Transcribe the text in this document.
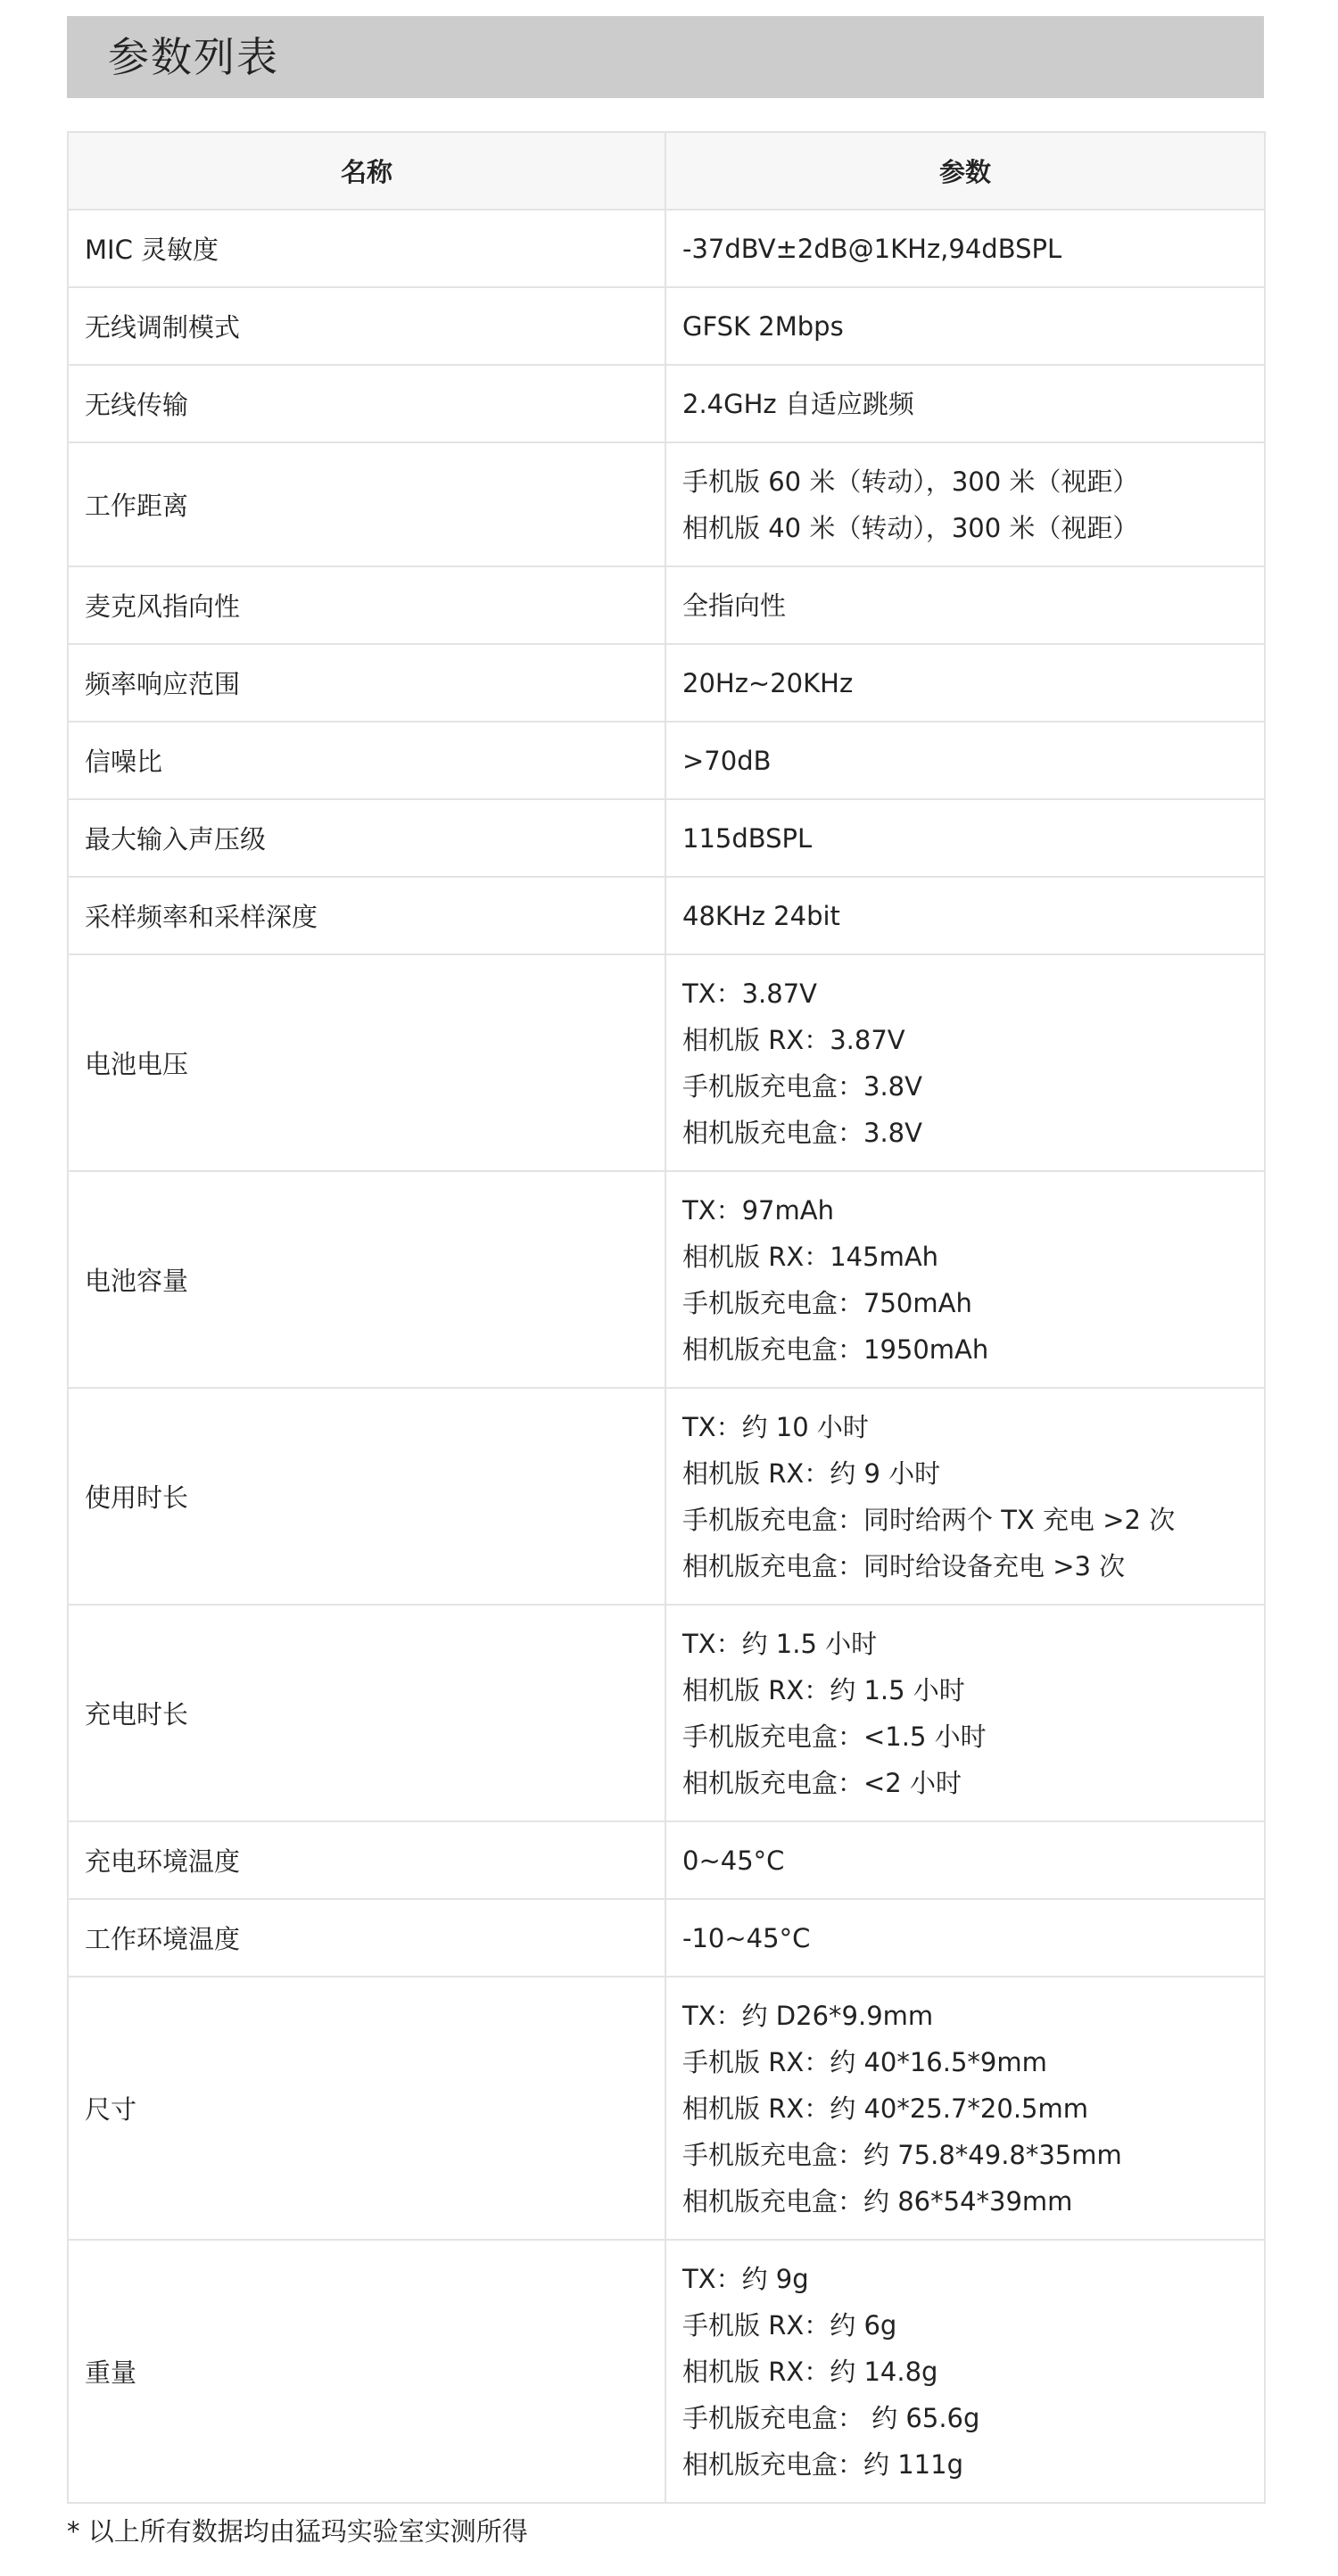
参数列表
名称	参数
MIC 灵敏度	-37dBV±2dB@1KHz,94dBSPL

无线调制模式	GFSK 2Mbps

无线传输	2.4GHz 自适应跳频

工作距离	手机版 60 米（转动），300 米（视距）
相机版 40 米（转动），300 米（视距）

麦克风指向性	全指向性

频率响应范围	20Hz~20KHz

信噪比	>70dB

最大输入声压级	115dBSPL

采样频率和采样深度	48KHz 24bit

电池电压	TX：3.87V
相机版 RX：3.87V
手机版充电盒：3.8V
相机版充电盒：3.8V

电池容量	TX：97mAh
相机版 RX：145mAh
手机版充电盒：750mAh
相机版充电盒：1950mAh

使用时长	TX：约 10 小时
相机版 RX：约 9 小时
手机版充电盒：同时给两个 TX 充电 >2 次
相机版充电盒：同时给设备充电 >3 次

充电时长	TX：约 1.5 小时
相机版 RX：约 1.5 小时
手机版充电盒：<1.5 小时
相机版充电盒：<2 小时

充电环境温度	0~45°C

工作环境温度	-10~45°C

尺寸	TX：约 D26*9.9mm
手机版 RX：约 40*16.5*9mm
相机版 RX：约 40*25.7*20.5mm
手机版充电盒：约 75.8*49.8*35mm
相机版充电盒：约 86*54*39mm

重量	TX：约 9g
手机版 RX：约 6g
相机版 RX：约 14.8g
手机版充电盒： 约 65.6g
相机版充电盒：约 111g
* 以上所有数据均由猛玛实验室实测所得
